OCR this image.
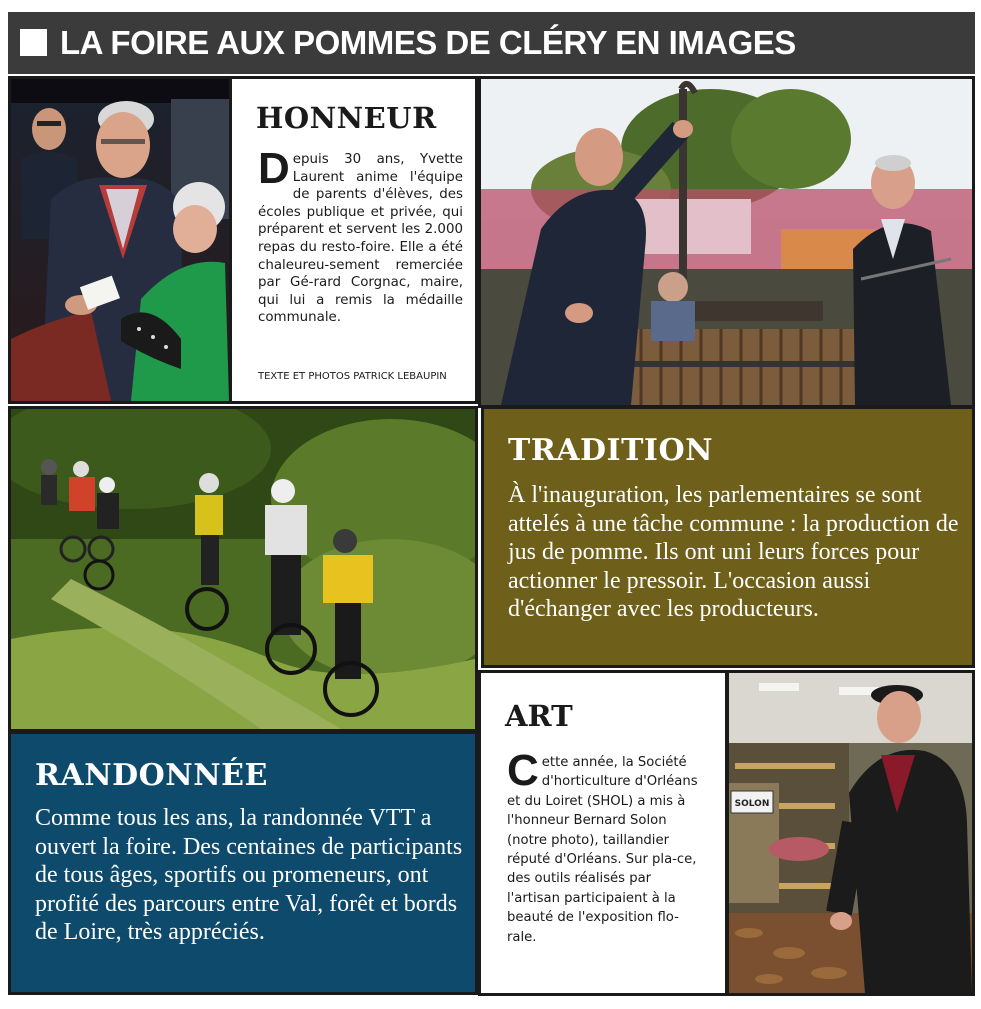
LA FOIRE AUX POMMES DE CLÉRY EN IMAGES
HONNEUR
Depuis 30 ans, Yvette Laurent anime l'équipe de parents d'élèves, des écoles publique et privée, qui préparent et servent les 2.000 repas du resto-foire. Elle a été chaleureu-sement remerciée par Gé-rard Corgnac, maire, qui lui a remis la médaille communale.
TEXTE ET PHOTOS PATRICK LEBAUPIN
TRADITION
À l'inauguration, les parlementaires se sont attelés à une tâche commune : la production de jus de pomme. Ils ont uni leurs forces pour actionner le pressoir. L'occasion aussi d'échanger avec les producteurs.
RANDONNÉE
Comme tous les ans, la randonnée VTT a ouvert la foire. Des centaines de participants de tous âges, sportifs ou promeneurs, ont profité des parcours entre Val, forêt et bords de Loire, très appréciés.
ART
Cette année, la Société d'horticulture d'Orléans et du Loiret (SHOL) a mis à l'honneur Bernard Solon (notre photo), taillandier réputé d'Orléans. Sur pla-ce, des outils réalisés par l'artisan participaient à la beauté de l'exposition flo-rale.
SOLON
